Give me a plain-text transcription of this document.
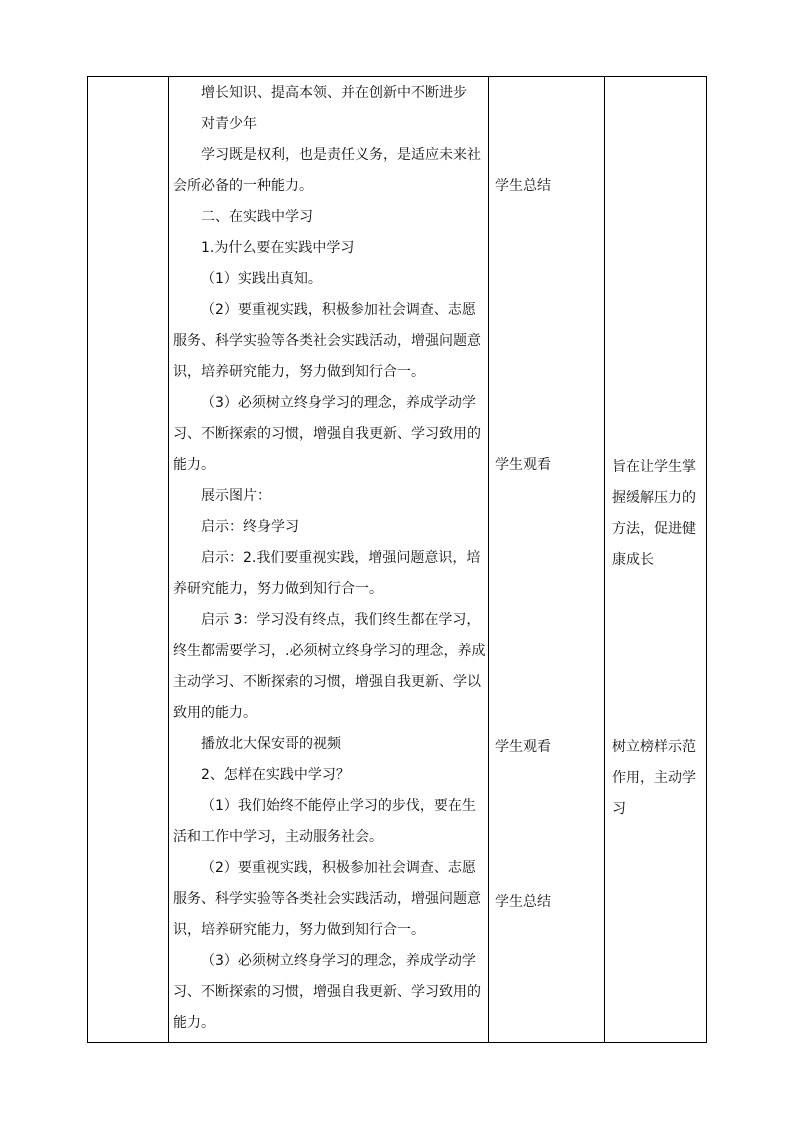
增长知识、提高本领、并在创新中不断进步
对青少年
学习既是权利，也是责任义务，是适应未来社
会所必备的一种能力。
二、在实践中学习
1.为什么要在实践中学习
（1）实践出真知。
（2）要重视实践，积极参加社会调查、志愿
服务、科学实验等各类社会实践活动，增强问题意
识，培养研究能力，努力做到知行合一。
（3）必须树立终身学习的理念，养成学动学
习、不断探索的习惯，增强自我更新、学习致用的
能力。
展示图片：
启示：终身学习
启示：2.我们要重视实践，增强问题意识，培
养研究能力，努力做到知行合一。
启示 3：学习没有终点，我们终生都在学习，
终生都需要学习，.必须树立终身学习的理念，养成
主动学习、不断探索的习惯，增强自我更新、学以
致用的能力。
播放北大保安哥的视频
2、怎样在实践中学习？
（1）我们始终不能停止学习的步伐，要在生
活和工作中学习，主动服务社会。
（2）要重视实践，积极参加社会调查、志愿
服务、科学实验等各类社会实践活动，增强问题意
识，培养研究能力，努力做到知行合一。
（3）必须树立终身学习的理念，养成学动学
习、不断探索的习惯，增强自我更新、学习致用的
能力。
学生总结
学生观看
学生观看
学生总结
旨在让学生掌
握缓解压力的
方法，促进健
康成长
树立榜样示范
作用，主动学
习
